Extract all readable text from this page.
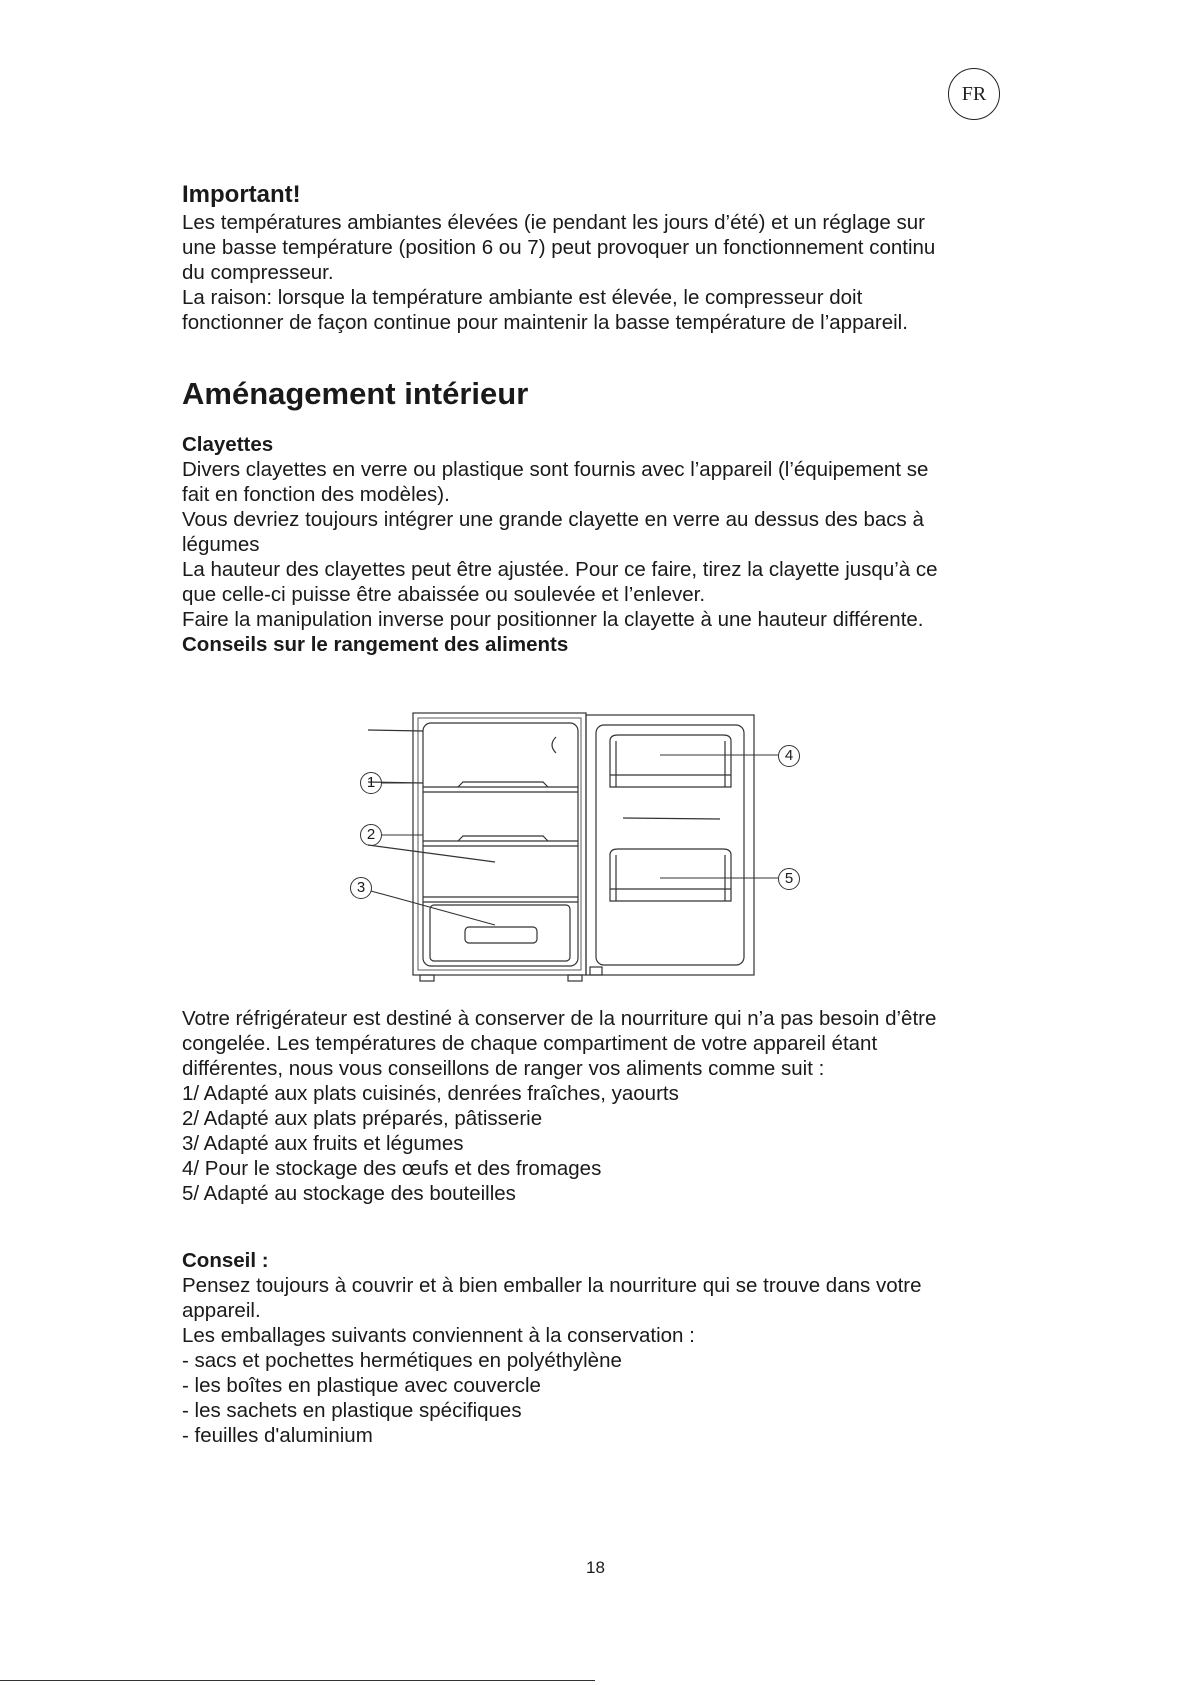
FR
Important!

Les températures ambiantes élevées (ie pendant les jours d’été) et un réglage sur

une basse température (position 6 ou 7) peut provoquer un fonctionnement continu

du compresseur.

La raison: lorsque la température ambiante est élevée, le compresseur doit

fonctionner de façon continue pour maintenir la basse température de l’appareil.

Aménagement intérieur
Clayettes

Divers clayettes en verre ou plastique sont fournis avec l’appareil (l’équipement se

fait en fonction des modèles).

Vous devriez toujours intégrer une grande clayette en verre au dessus des bacs à

légumes

La hauteur des clayettes peut être ajustée. Pour ce faire, tirez la clayette jusqu’à ce

que celle-ci puisse être abaissée ou soulevée et l’enlever.

Faire la manipulation inverse pour positionner la clayette à une hauteur différente.

Conseils sur le rangement des aliments
1
2
3
4
5

Votre réfrigérateur est destiné à conserver de la nourriture qui n’a pas besoin d’être

congelée. Les températures de chaque compartiment de votre appareil étant

différentes, nous vous conseillons de ranger vos aliments comme suit :

1/ Adapté aux plats cuisinés, denrées fraîches, yaourts

2/ Adapté aux plats préparés, pâtisserie

3/ Adapté aux fruits et légumes

4/ Pour le stockage des œufs et des fromages

5/ Adapté au stockage des bouteilles

Conseil :

Pensez toujours à couvrir et à bien emballer la nourriture qui se trouve dans votre

appareil.

Les emballages suivants conviennent à la conservation :

- sacs et pochettes hermétiques en polyéthylène

- les boîtes en plastique avec couvercle

- les sachets en plastique spécifiques

- feuilles d'aluminium

18
